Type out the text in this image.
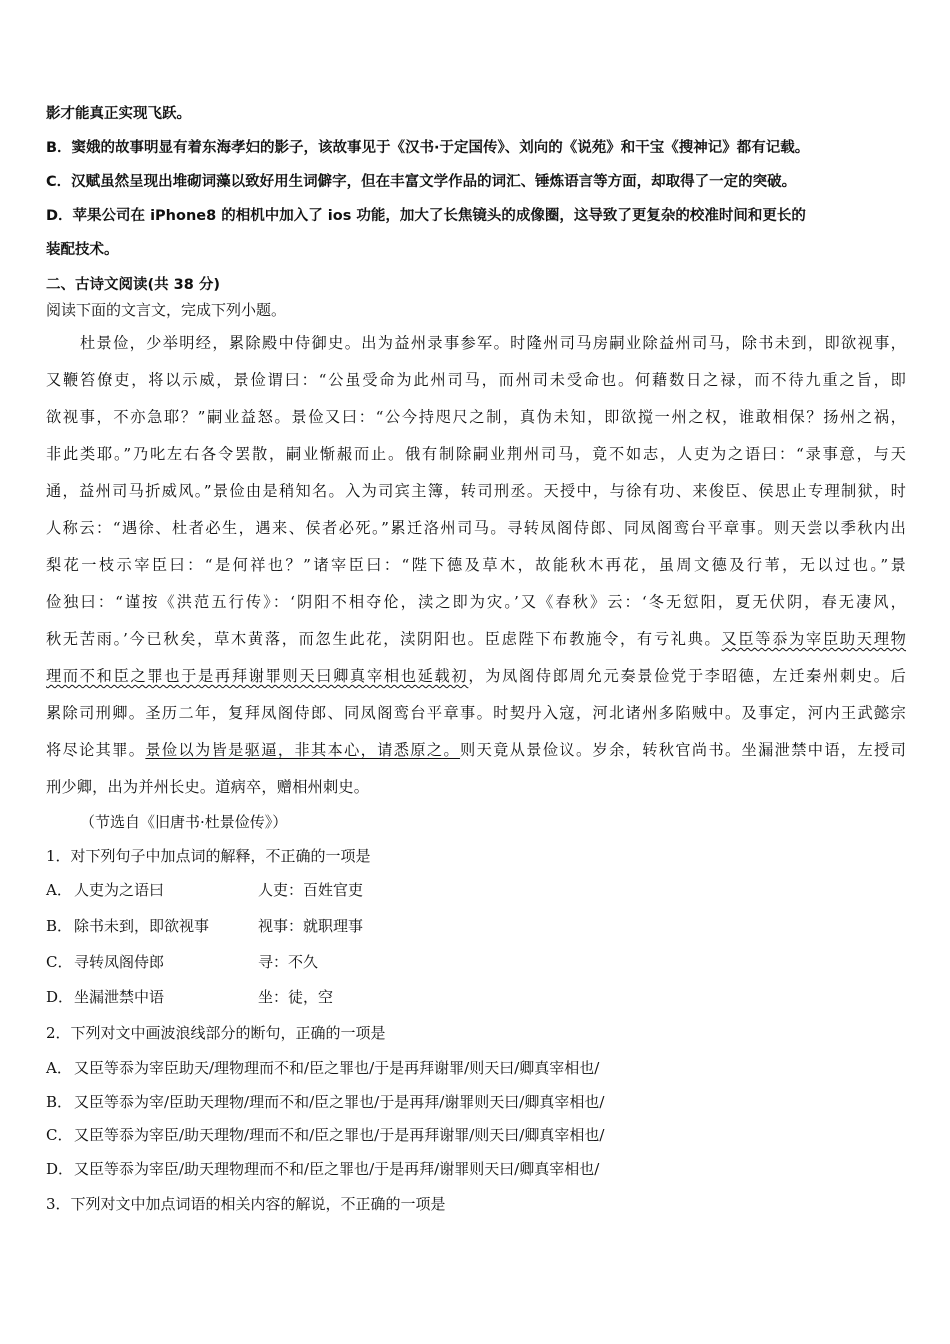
影才能真正实现飞跃。
B．窦娥的故事明显有着东海孝妇的影子，该故事见于《汉书·于定国传》、刘向的《说苑》和干宝《搜神记》都有记载。
C．汉赋虽然呈现出堆砌词藻以致好用生词僻字，但在丰富文学作品的词汇、锤炼语言等方面，却取得了一定的突破。
D．苹果公司在 iPhone8 的相机中加入了 ios 功能，加大了长焦镜头的成像圈，这导致了更复杂的校准时间和更长的
装配技术。
二、古诗文阅读(共 38 分)
阅读下面的文言文，完成下列小题。
杜景俭，少举明经，累除殿中侍御史。出为益州录事参军。时隆州司马房嗣业除益州司马，除书未到，即欲视事，
又鞭笞僚吏，将以示威，景俭谓曰：“公虽受命为此州司马，而州司未受命也。何藉数日之禄，而不待九重之旨，即
欲视事，不亦急耶？”嗣业益怒。景俭又曰：“公今持咫尺之制，真伪未知，即欲搅一州之权，谁敢相保？扬州之祸，
非此类耶。”乃叱左右各令罢散，嗣业惭赧而止。俄有制除嗣业荆州司马，竟不如志，人吏为之语曰：“录事意，与天
通，益州司马折威风。”景俭由是稍知名。入为司宾主簿，转司刑丞。天授中，与徐有功、来俊臣、侯思止专理制狱，时
人称云：“遇徐、杜者必生，遇来、侯者必死。”累迁洛州司马。寻转凤阁侍郎、同凤阁鸾台平章事。则天尝以季秋内出
梨花一枝示宰臣曰：“是何祥也？”诸宰臣曰：“陛下德及草木，故能秋木再花，虽周文德及行苇，无以过也。”景
俭独曰：“谨按《洪范五行传》：‘阴阳不相夺伦，渎之即为灾。’又《春秋》云：‘冬无愆阳，夏无伏阴，春无凄风，
秋无苦雨。’今已秋矣，草木黄落，而忽生此花，渎阴阳也。臣虑陛下布教施令，有亏礼典。又臣等忝为宰臣助天理物
理而不和臣之罪也于是再拜谢罪则天曰卿真宰相也延载初，为凤阁侍郎周允元奏景俭党于李昭德，左迁秦州刺史。后
累除司刑卿。圣历二年，复拜凤阁侍郎、同凤阁鸾台平章事。时契丹入寇，河北诸州多陷贼中。及事定，河内王武懿宗
将尽论其罪。景俭以为皆是驱逼，非其本心，请悉原之。则天竟从景俭议。岁余，转秋官尚书。坐漏泄禁中语，左授司
刑少卿，出为并州长史。道病卒，赠相州刺史。
（节选自《旧唐书·杜景俭传》）
1．对下列句子中加点词的解释，不正确的一项是
A． 人吏为之语曰	人吏：百姓官吏
B． 除书未到，即欲视事	视事：就职理事
C． 寻转凤阁侍郎	寻：不久
D．坐漏泄禁中语	坐：徒，空
2．下列对文中画波浪线部分的断句，正确的一项是
A． 又臣等忝为宰臣助天/理物理而不和/臣之罪也/于是再拜谢罪/则天曰/卿真宰相也/
B． 又臣等忝为宰/臣助天理物/理而不和/臣之罪也/于是再拜/谢罪则天曰/卿真宰相也/
C． 又臣等忝为宰臣/助天理物/理而不和/臣之罪也/于是再拜谢罪/则天曰/卿真宰相也/
D．又臣等忝为宰臣/助天理物理而不和/臣之罪也/于是再拜/谢罪则天曰/卿真宰相也/
3．下列对文中加点词语的相关内容的解说，不正确的一项是
